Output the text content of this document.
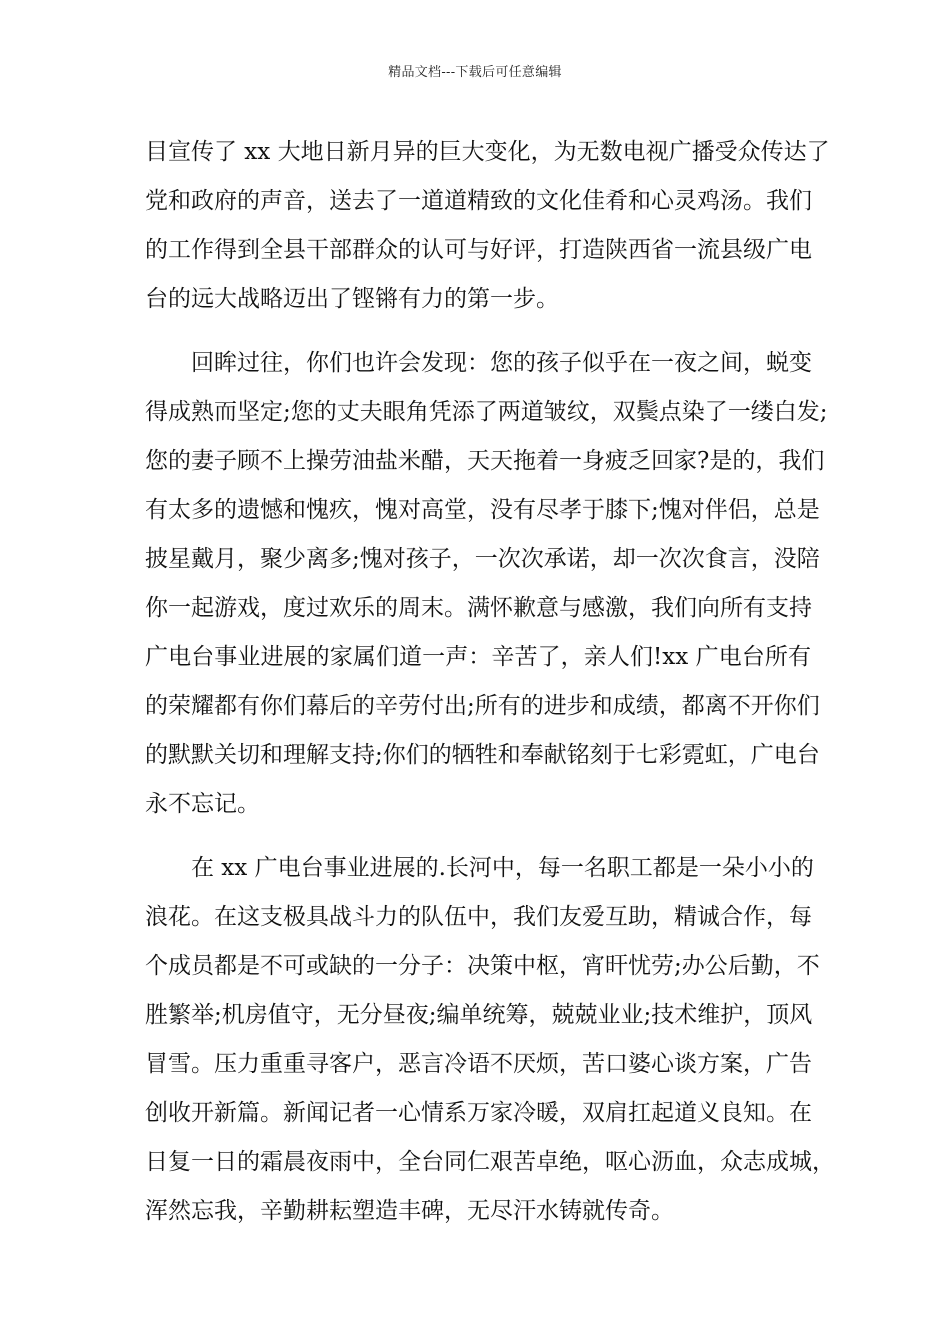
精品文档---下载后可任意编辑
目宣传了 xx 大地日新月异的巨大变化，为无数电视广播受众传达了
党和政府的声音，送去了一道道精致的文化佳肴和心灵鸡汤。我们
的工作得到全县干部群众的认可与好评，打造陕西省一流县级广电
台的远大战略迈出了铿锵有力的第一步。
回眸过往，你们也许会发现：您的孩子似乎在一夜之间，蜕变
得成熟而坚定;您的丈夫眼角凭添了两道皱纹，双鬓点染了一缕白发;
您的妻子顾不上操劳油盐米醋，天天拖着一身疲乏回家?是的，我们
有太多的遗憾和愧疚，愧对高堂，没有尽孝于膝下;愧对伴侣，总是
披星戴月，聚少离多;愧对孩子，一次次承诺，却一次次食言，没陪
你一起游戏，度过欢乐的周末。满怀歉意与感激，我们向所有支持
广电台事业进展的家属们道一声：辛苦了，亲人们!xx 广电台所有
的荣耀都有你们幕后的辛劳付出;所有的进步和成绩，都离不开你们
的默默关切和理解支持;你们的牺牲和奉献铭刻于七彩霓虹，广电台
永不忘记。
在 xx 广电台事业进展的.长河中，每一名职工都是一朵小小的
浪花。在这支极具战斗力的队伍中，我们友爱互助，精诚合作，每
个成员都是不可或缺的一分子：决策中枢，宵旰忧劳;办公后勤，不
胜繁举;机房值守，无分昼夜;编单统筹，兢兢业业;技术维护，顶风
冒雪。压力重重寻客户，恶言冷语不厌烦，苦口婆心谈方案，广告
创收开新篇。新闻记者一心情系万家冷暖，双肩扛起道义良知。在
日复一日的霜晨夜雨中，全台同仁艰苦卓绝，呕心沥血，众志成城，
浑然忘我，辛勤耕耘塑造丰碑，无尽汗水铸就传奇。
